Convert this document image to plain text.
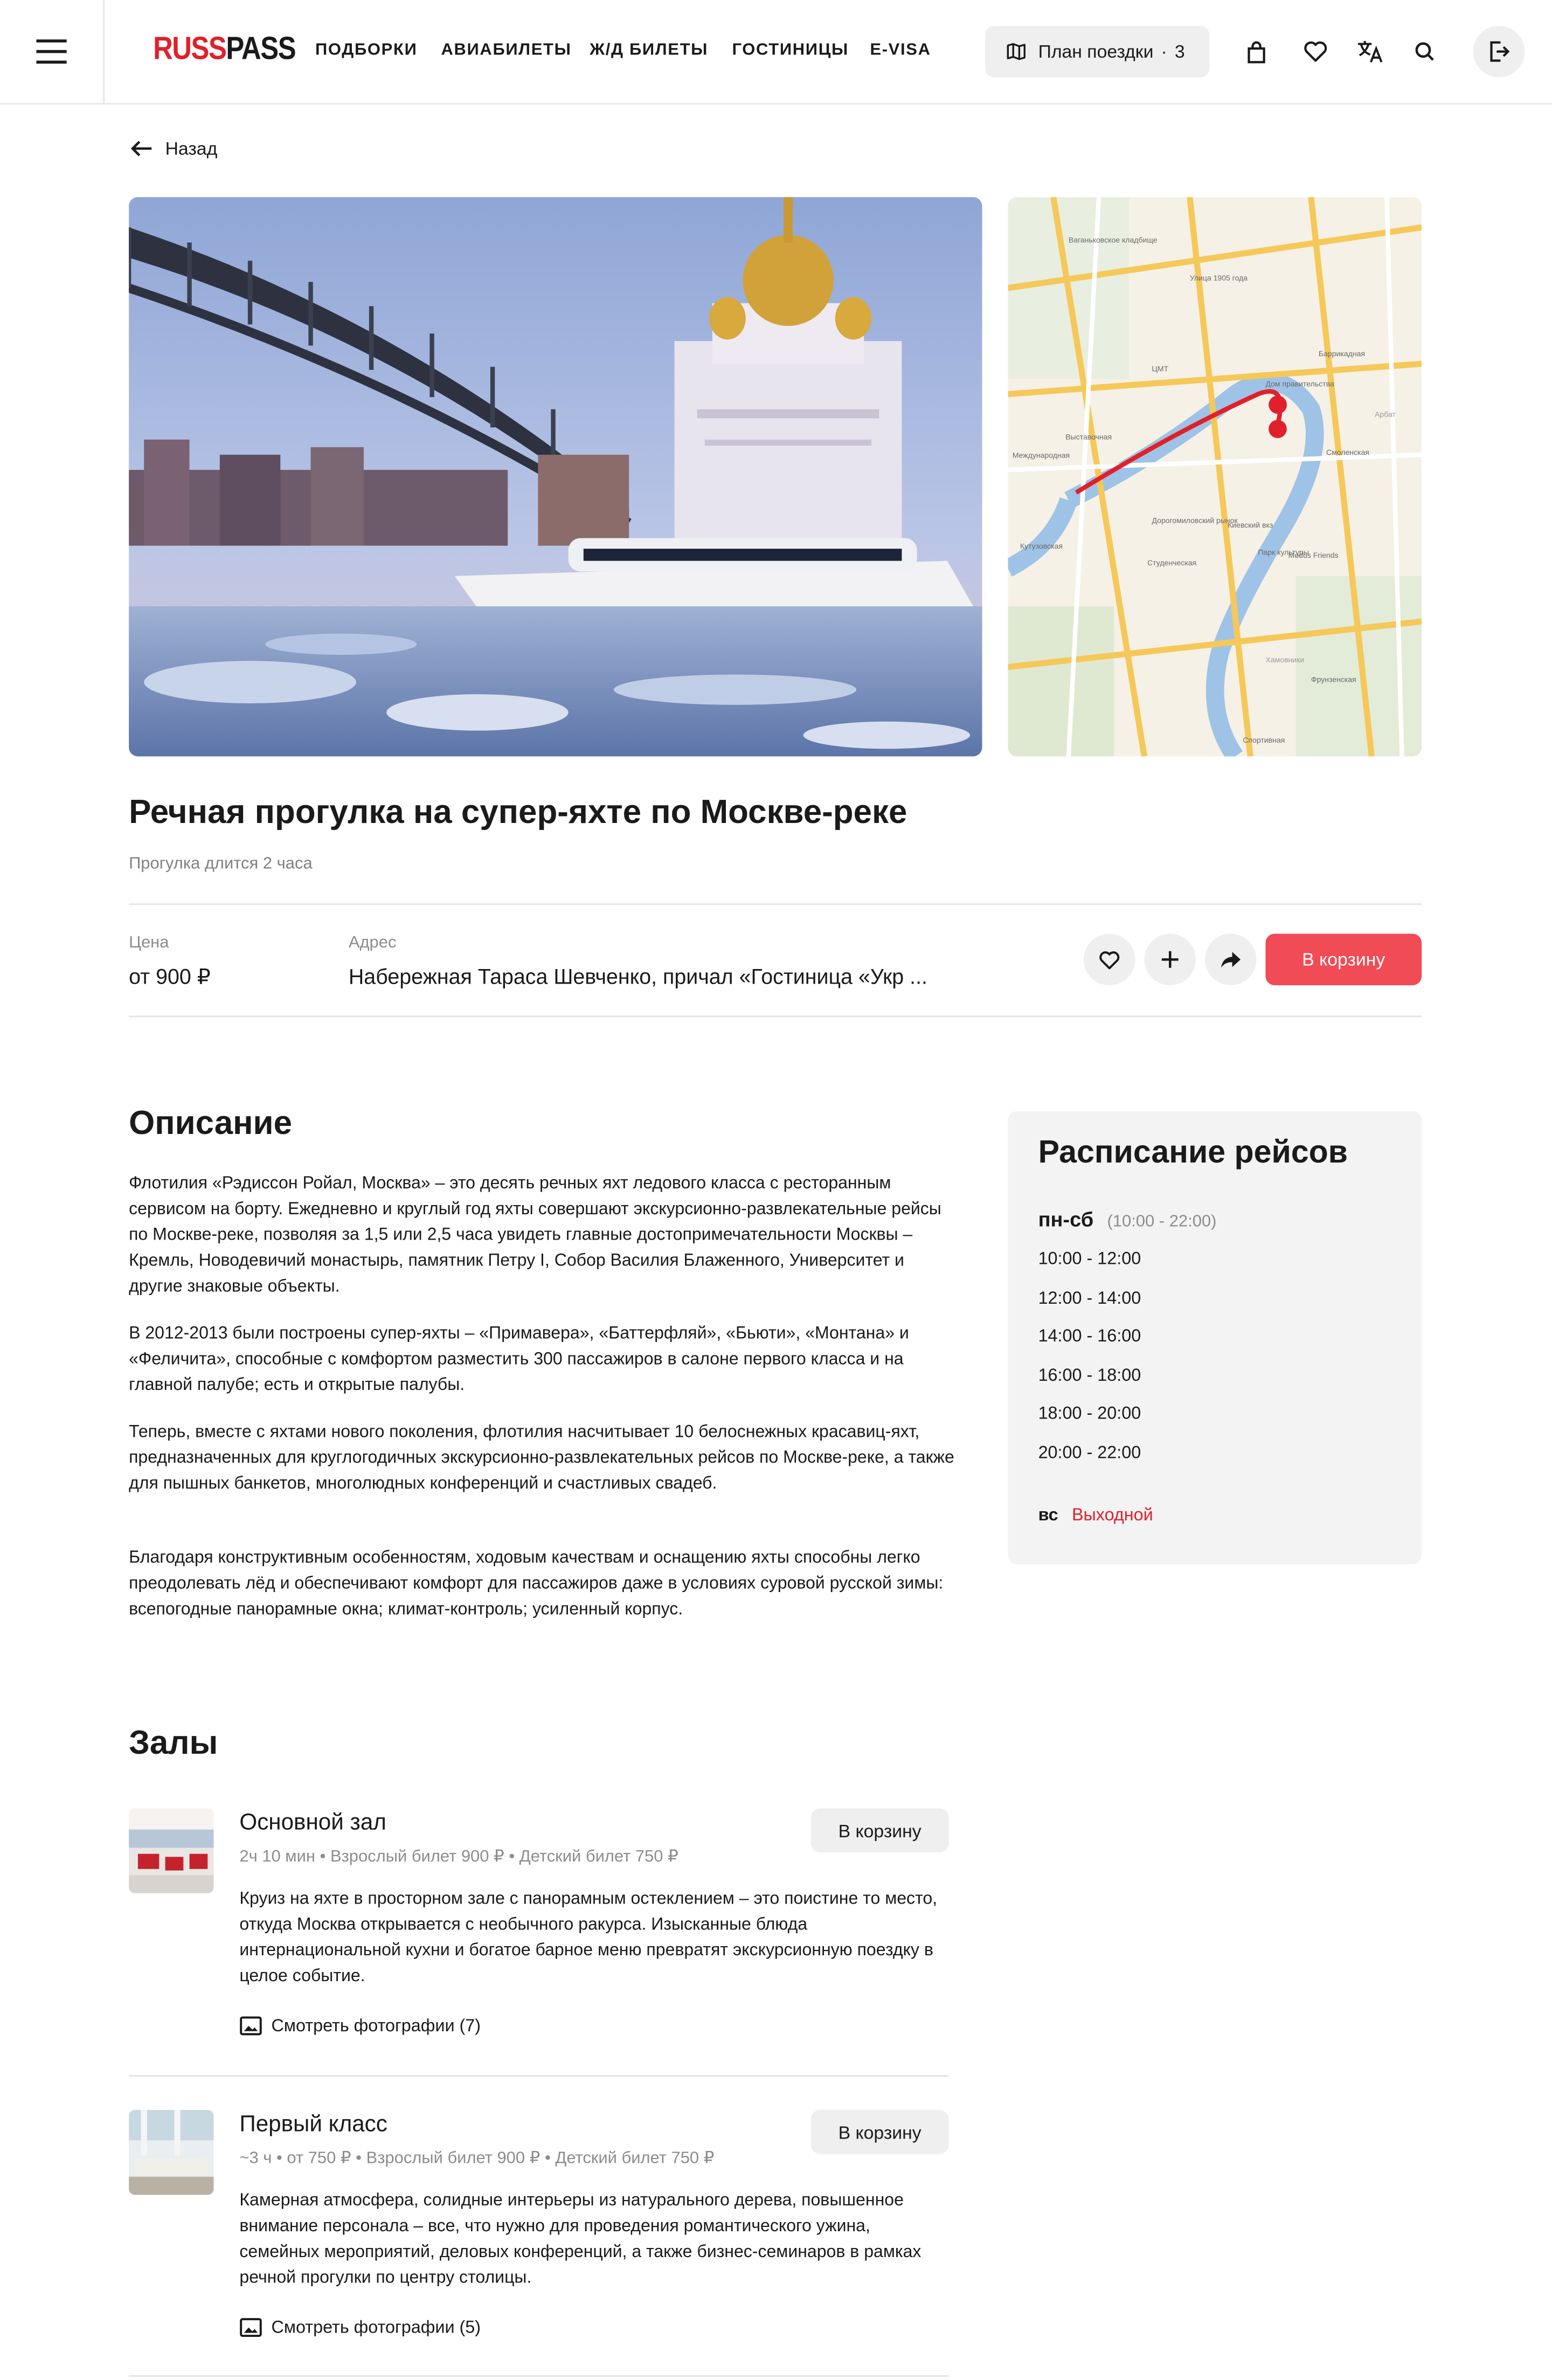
RUSSPASS	ПОДБОРКИ	АВИАБИЛЕТЫ	Ж/Д БИЛЕТЫ	ГОСТИНИЦЫ	E-VISA	План поездки · 3
Назад
Ваганьковское кладбище
Улица 1905 года
Баррикадная
ЦМТ
Дом правительства
Арбат
Выставочная
Международная	Смоленская
Кутузовская
Киевский вкз
Дорогомиловский рынок
Студенческая
Парк культуры
Хамовники
Фрунзенская
Спортивная
Modus Friends
Речная прогулка на супер-яхте по Москве-реке
Прогулка длится 2 часа
Цена
от 900 ₽
Адрес
Набережная Тараса Шевченко, причал «Гостиница «Укр ...
В корзину
Описание

Флотилия «Рэдиссон Ройал, Москва» – это десять речных яхт ледового класса с ресторанным сервисом на борту. Ежедневно и круглый год яхты совершают экскурсионно-развлекательные рейсы по Москве-реке, позволяя за 1,5 или 2,5 часа увидеть главные достопримечательности Москвы – Кремль, Новодевичий монастырь, памятник Петру I, Собор Василия Блаженного, Университет и другие знаковые объекты.

В 2012-2013 были построены супер-яхты – «Примавера», «Баттерфляй», «Бьюти», «Монтана» и «Феличита», способные с комфортом разместить 300 пассажиров в салоне первого класса и на главной палубе; есть и открытые палубы.

Теперь, вместе с яхтами нового поколения, флотилия насчитывает 10 белоснежных красавиц-яхт, предназначенных для круглогодичных экскурсионно-развлекательных рейсов по Москве-реке, а также для пышных банкетов, многолюдных конференций и счастливых свадеб.

Благодаря конструктивным особенностям, ходовым качествам и оснащению яхты способны легко преодолевать лёд и обеспечивают комфорт для пассажиров даже в условиях суровой русской зимы: всепогодные панорамные окна; климат-контроль; усиленный корпус.

Расписание рейсов
пн-сб (10:00 - 22:00)
10:00 - 12:00
12:00 - 14:00
14:00 - 16:00
16:00 - 18:00
18:00 - 20:00
20:00 - 22:00
вс Выходной
Залы
Основной зал
2ч 10 мин • Взрослый билет 900 ₽ • Детский билет 750 ₽
В корзину
Круиз на яхте в просторном зале с панорамным остеклением – это поистине то место, откуда Москва открывается с необычного ракурса. Изысканные блюда интернациональной кухни и богатое барное меню превратят экскурсионную поездку в целое событие.
Смотреть фотографии (7)
Первый класс
~3 ч • от 750 ₽ • Взрослый билет 900 ₽ • Детский билет 750 ₽
В корзину
Камерная атмосфера, солидные интерьеры из натурального дерева, повышенное внимание персонала – все, что нужно для проведения романтического ужина, семейных мероприятий, деловых конференций, а также бизнес-семинаров в рамках речной прогулки по центру столицы.
Смотреть фотографии (5)
